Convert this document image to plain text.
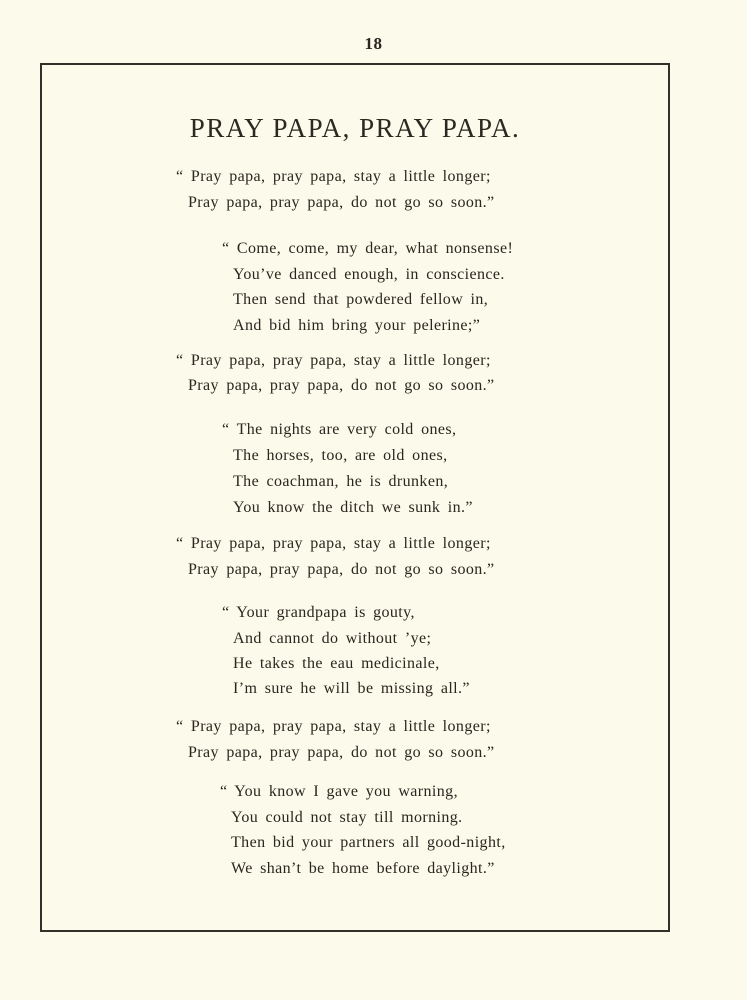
18
PRAY PAPA, PRAY PAPA.
“ Pray papa, pray papa, stay a little longer;
Pray papa, pray papa, do not go so soon.”
“ Come, come, my dear, what nonsense!
You’ve danced enough, in conscience.
Then send that powdered fellow in,
And bid him bring your pelerine;”
“ Pray papa, pray papa, stay a little longer;
Pray papa, pray papa, do not go so soon.”
“ The nights are very cold ones,
The horses, too, are old ones,
The coachman, he is drunken,
You know the ditch we sunk in.”
“ Pray papa, pray papa, stay a little longer;
Pray papa, pray papa, do not go so soon.”
“ Your grandpapa is gouty,
And cannot do without ’ye;
He takes the eau medicinale,
I’m sure he will be missing all.”
“ Pray papa, pray papa, stay a little longer;
Pray papa, pray papa, do not go so soon.”
“ You know I gave you warning,
You could not stay till morning.
Then bid your partners all good-night,
We shan’t be home before daylight.”
